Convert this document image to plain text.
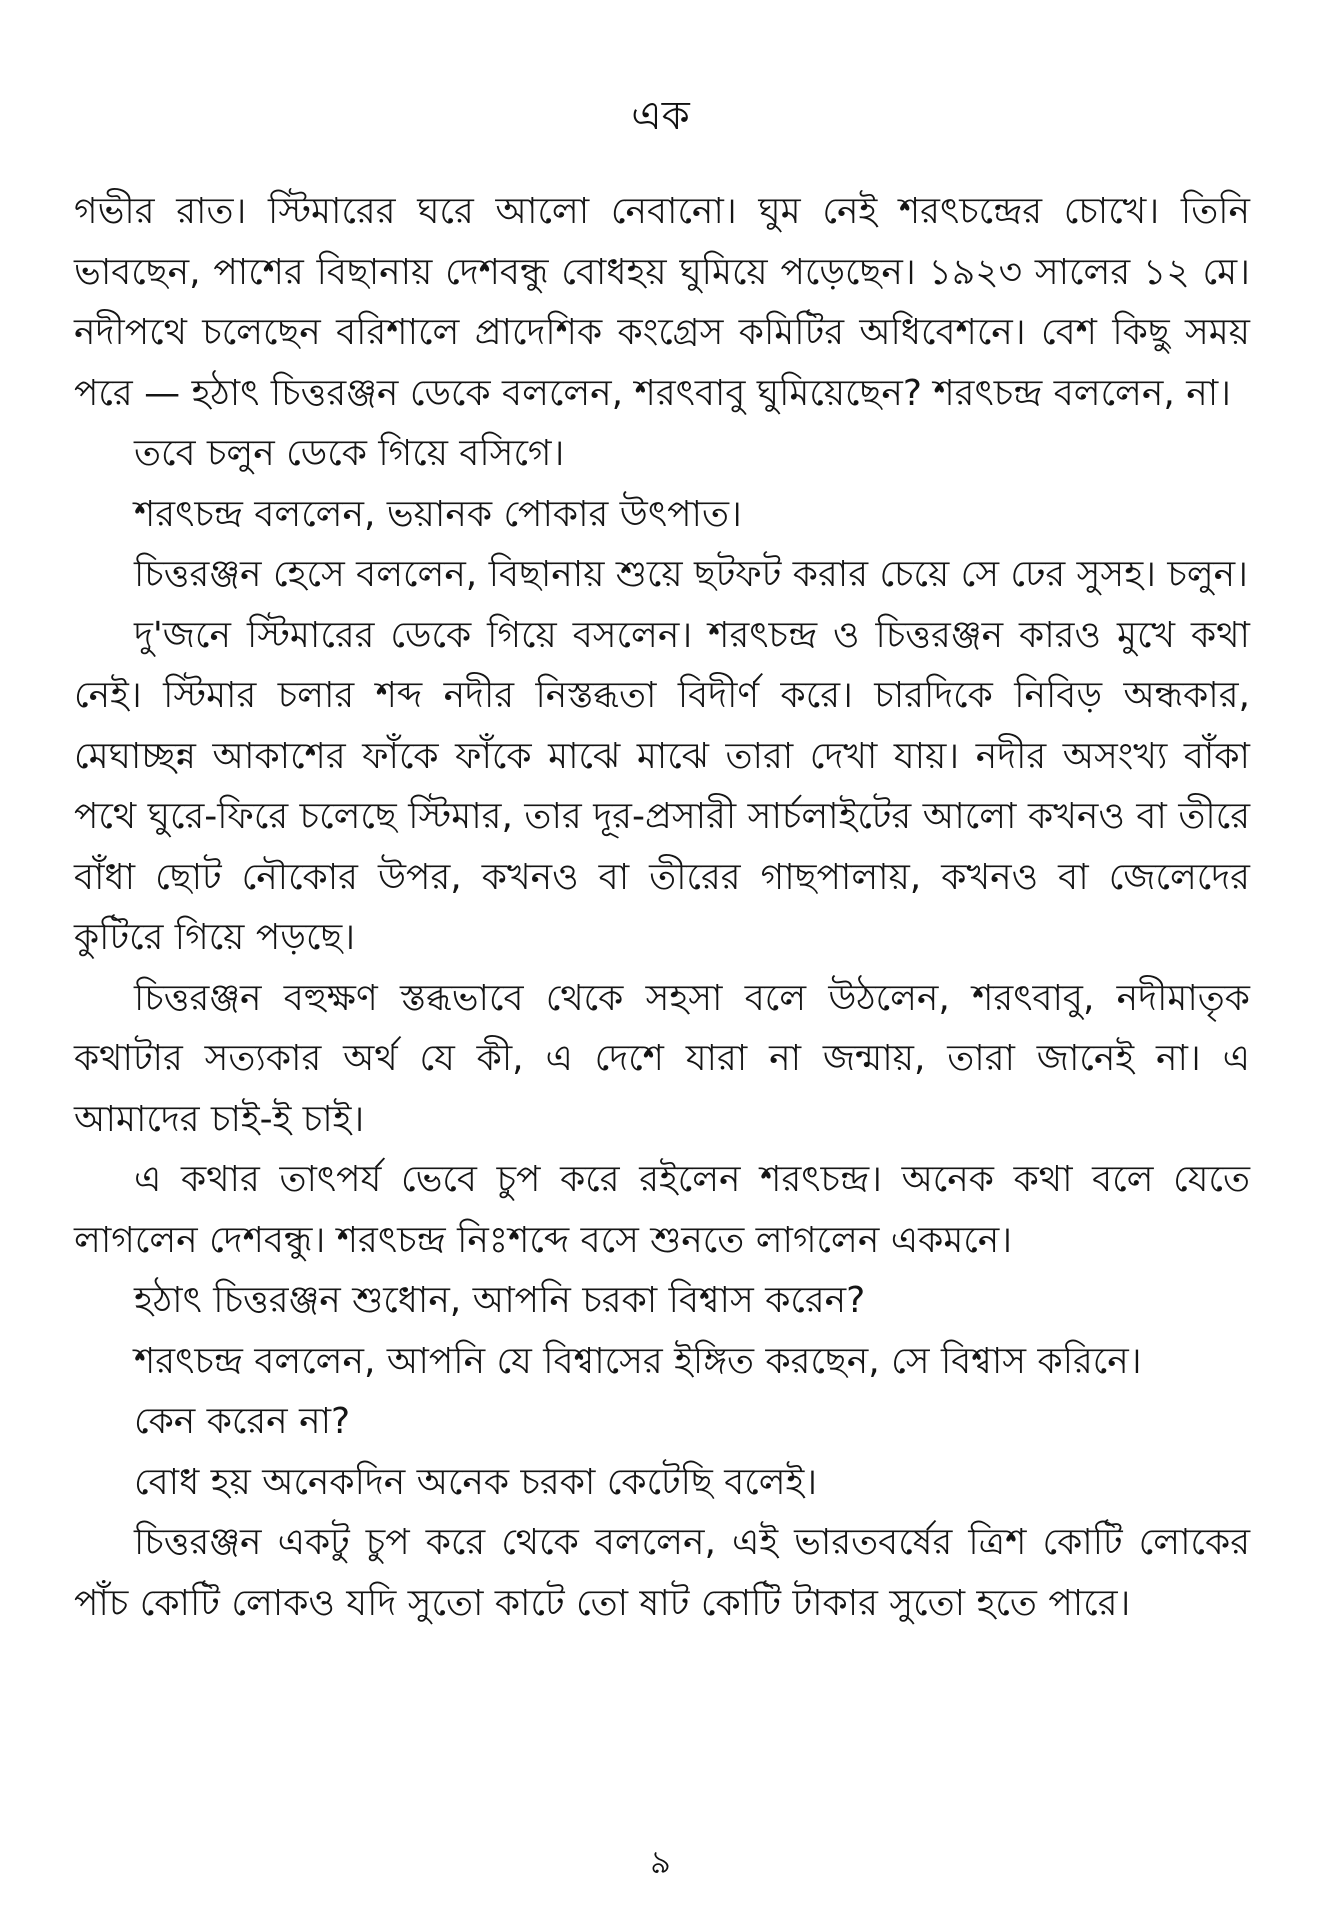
এক

গভীর রাত। স্টিমারের ঘরে আলো নেবানো। ঘুম নেই শরৎচন্দ্রের চোখে। তিনি ভাবছেন, পাশের বিছানায় দেশবন্ধু বোধহয় ঘুমিয়ে পড়েছেন। ১৯২৩ সালের ১২ মে। নদীপথে চলেছেন বরিশালে প্রাদেশিক কংগ্রেস কমিটির অধিবেশনে। বেশ কিছু সময় পরে — হঠাৎ চিত্তরঞ্জন ডেকে বললেন, শরৎবাবু ঘুমিয়েছেন? শরৎচন্দ্র বললেন, না।

তবে চলুন ডেকে গিয়ে বসিগে।

শরৎচন্দ্র বললেন, ভয়ানক পোকার উৎপাত।

চিত্তরঞ্জন হেসে বললেন, বিছানায় শুয়ে ছটফট করার চেয়ে সে ঢের সুসহ। চলুন।

দু'জনে স্টিমারের ডেকে গিয়ে বসলেন। শরৎচন্দ্র ও চিত্তরঞ্জন কারও মুখে কথা নেই। স্টিমার চলার শব্দ নদীর নিস্তব্ধতা বিদীর্ণ করে। চারদিকে নিবিড় অন্ধকার, মেঘাচ্ছন্ন আকাশের ফাঁকে ফাঁকে মাঝে মাঝে তারা দেখা যায়। নদীর অসংখ্য বাঁকা পথে ঘুরে-ফিরে চলেছে স্টিমার, তার দূর-প্রসারী সার্চলাইটের আলো কখনও বা তীরে বাঁধা ছোট নৌকোর উপর, কখনও বা তীরের গাছপালায়, কখনও বা জেলেদের কুটিরে গিয়ে পড়ছে।

চিত্তরঞ্জন বহুক্ষণ স্তব্ধভাবে থেকে সহসা বলে উঠলেন, শরৎবাবু, নদীমাতৃক কথাটার সত্যকার অর্থ যে কী, এ দেশে যারা না জন্মায়, তারা জানেই না। এ আমাদের চাই-ই চাই।

এ কথার তাৎপর্য ভেবে চুপ করে রইলেন শরৎচন্দ্র। অনেক কথা বলে যেতে লাগলেন দেশবন্ধু। শরৎচন্দ্র নিঃশব্দে বসে শুনতে লাগলেন একমনে।

হঠাৎ চিত্তরঞ্জন শুধোন, আপনি চরকা বিশ্বাস করেন?

শরৎচন্দ্র বললেন, আপনি যে বিশ্বাসের ইঙ্গিত করছেন, সে বিশ্বাস করিনে।

কেন করেন না?

বোধ হয় অনেকদিন অনেক চরকা কেটেছি বলেই।

চিত্তরঞ্জন একটু চুপ করে থেকে বললেন, এই ভারতবর্ষের ত্রিশ কোটি লোকের পাঁচ কোটি লোকও যদি সুতো কাটে তো ষাট কোটি টাকার সুতো হতে পারে।

৯
